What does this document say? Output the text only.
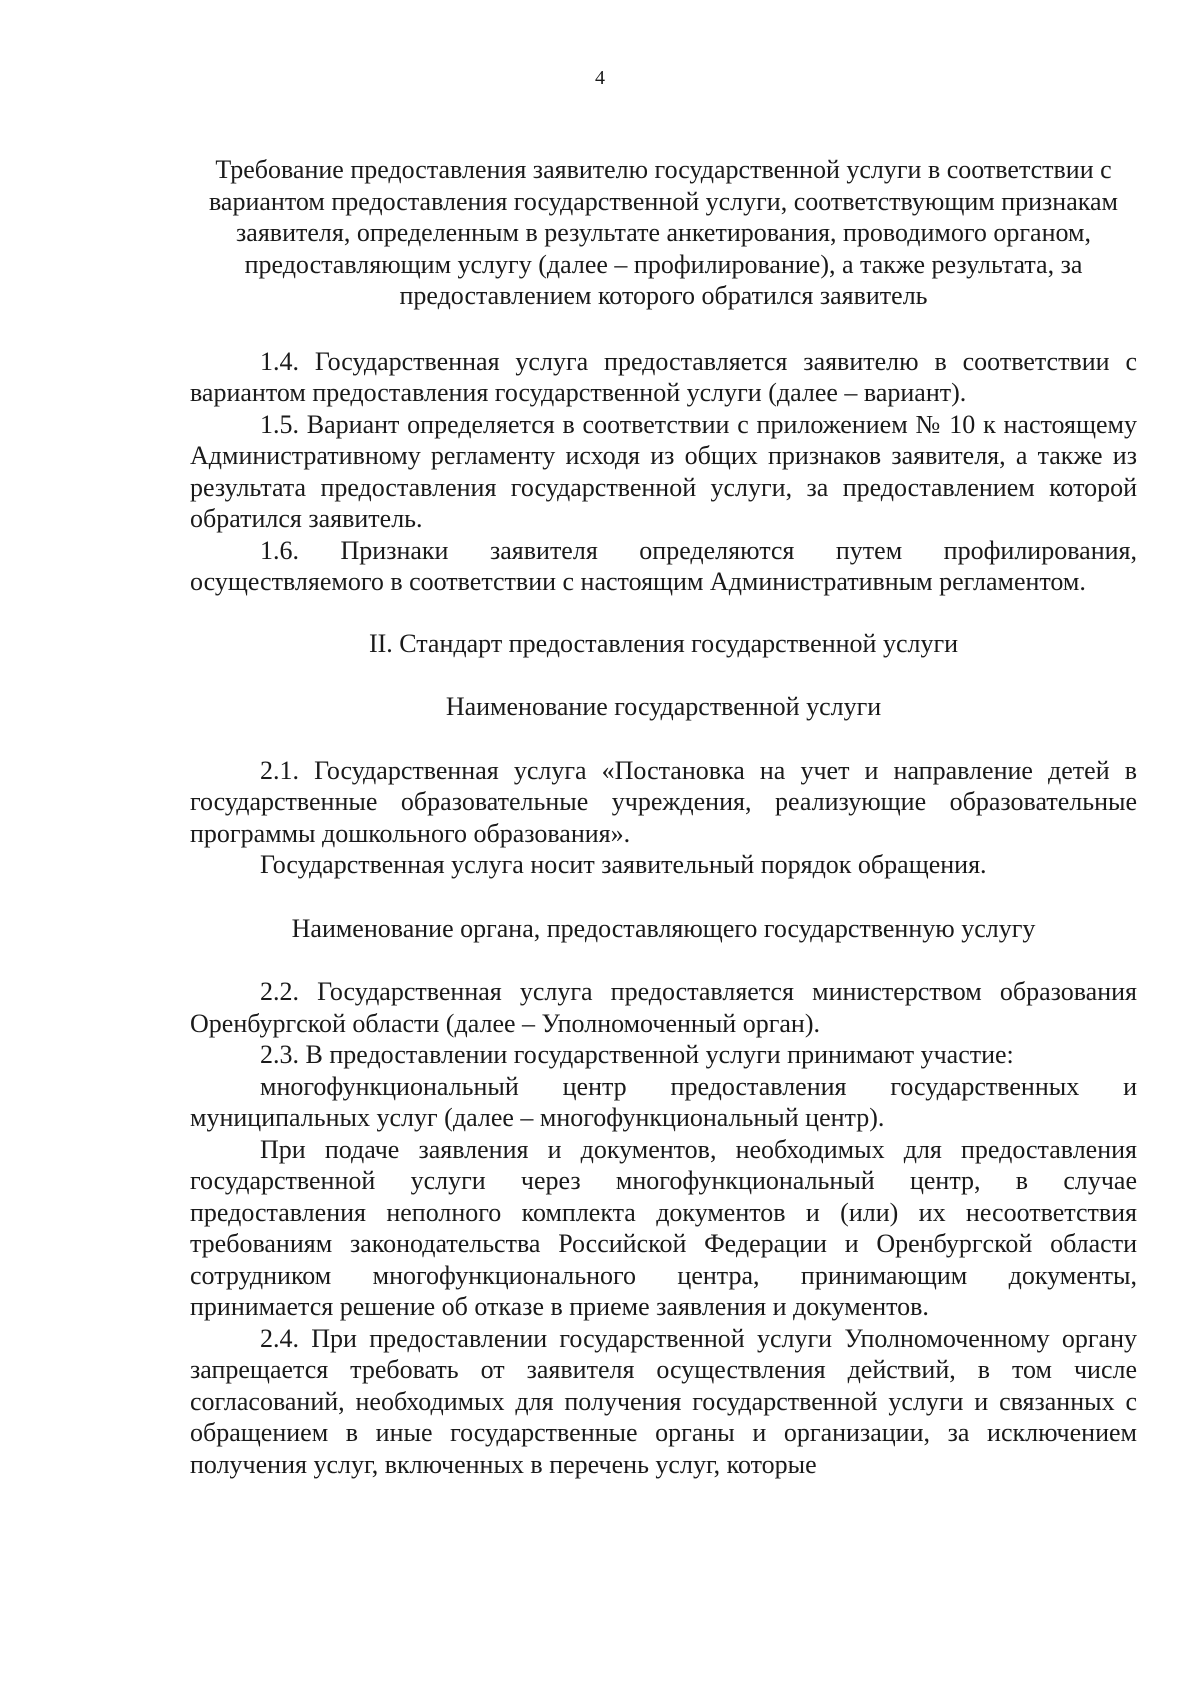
4

Требование предоставления заявителю государственной услуги в соответствии с вариантом предоставления государственной услуги, соответствующим признакам заявителя, определенным в результате анкетирования, проводимого органом, предоставляющим услугу (далее – профилирование), а также результата, за предоставлением которого обратился заявитель

1.4. Государственная услуга предоставляется заявителю в соответствии с вариантом предоставления государственной услуги (далее – вариант).

1.5. Вариант определяется в соответствии с приложением № 10 к настоящему Административному регламенту исходя из общих признаков заявителя, а также из результата предоставления государственной услуги, за предоставлением которой обратился заявитель.

1.6. Признаки заявителя определяются путем профилирования, осуществляемого в соответствии с настоящим Административным регламентом.

II. Стандарт предоставления государственной услуги

Наименование государственной услуги

2.1. Государственная услуга «Постановка на учет и направление детей в государственные образовательные учреждения, реализующие образовательные программы дошкольного образования».

Государственная услуга носит заявительный порядок обращения.

Наименование органа, предоставляющего государственную услугу

2.2. Государственная услуга предоставляется министерством образования Оренбургской области (далее – Уполномоченный орган).

2.3. В предоставлении государственной услуги принимают участие:

многофункциональный центр предоставления государственных и муниципальных услуг (далее – многофункциональный центр).

При подаче заявления и документов, необходимых для предоставления государственной услуги через многофункциональный центр, в случае предоставления неполного комплекта документов и (или) их несоответствия требованиям законодательства Российской Федерации и Оренбургской области сотрудником многофункционального центра, принимающим документы, принимается решение об отказе в приеме заявления и документов.

2.4. При предоставлении государственной услуги Уполномоченному органу запрещается требовать от заявителя осуществления действий, в том числе согласований, необходимых для получения государственной услуги и связанных с обращением в иные государственные органы и организации, за исключением получения услуг, включенных в перечень услуг, которые
